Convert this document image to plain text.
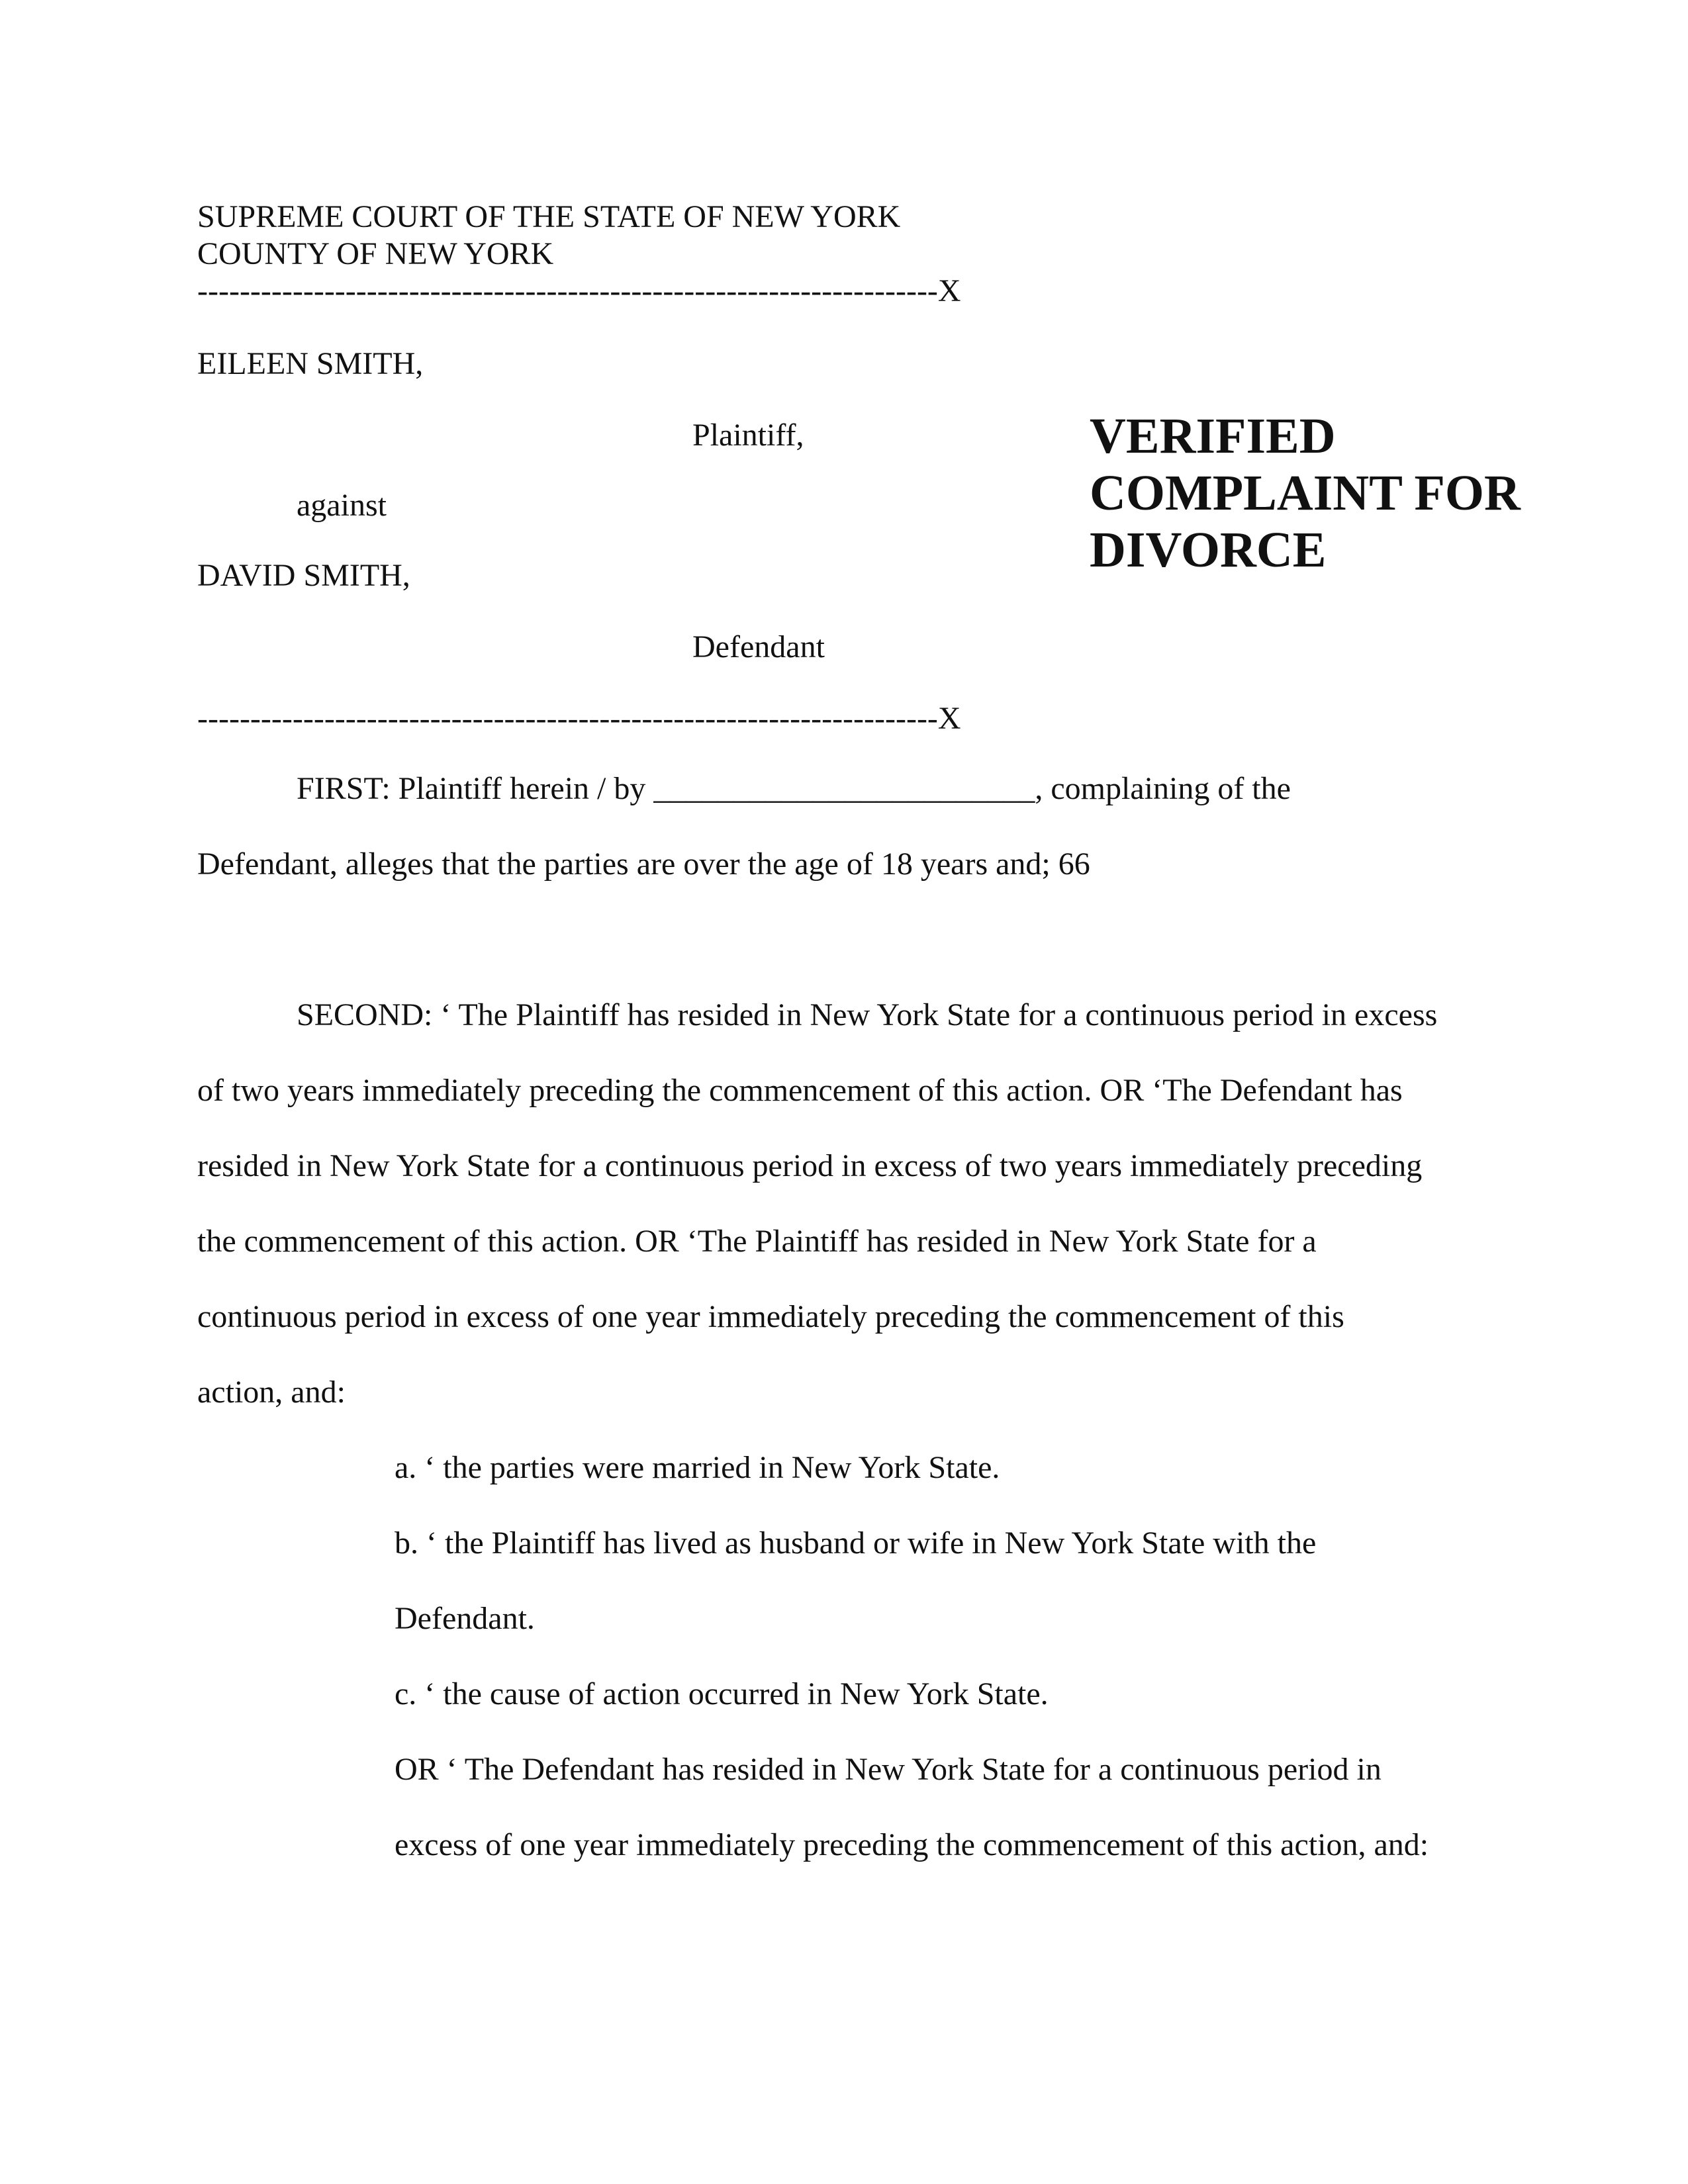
SUPREME COURT OF THE STATE OF NEW YORK
COUNTY OF NEW YORK
----------------------------------------------------------------------X
EILEEN SMITH,
Plaintiff,
against
DAVID SMITH,
Defendant
----------------------------------------------------------------------X
VERIFIED
COMPLAINT FOR
DIVORCE
FIRST: Plaintiff herein / by ________________________, complaining of the
Defendant, alleges that the parties are over the age of 18 years and; 66
SECOND: ‘ The Plaintiff has resided in New York State for a continuous period in excess
of two years immediately preceding the commencement of this action. OR ‘The Defendant has
resided in New York State for a continuous period in excess of two years immediately preceding
the commencement of this action. OR ‘The Plaintiff has resided in New York State for a
continuous period in excess of one year immediately preceding the commencement of this
action, and:
a. ‘ the parties were married in New York State.
b. ‘ the Plaintiff has lived as husband or wife in New York State with the
Defendant.
c. ‘ the cause of action occurred in New York State.
OR ‘ The Defendant has resided in New York State for a continuous period in
excess of one year immediately preceding the commencement of this action, and:
